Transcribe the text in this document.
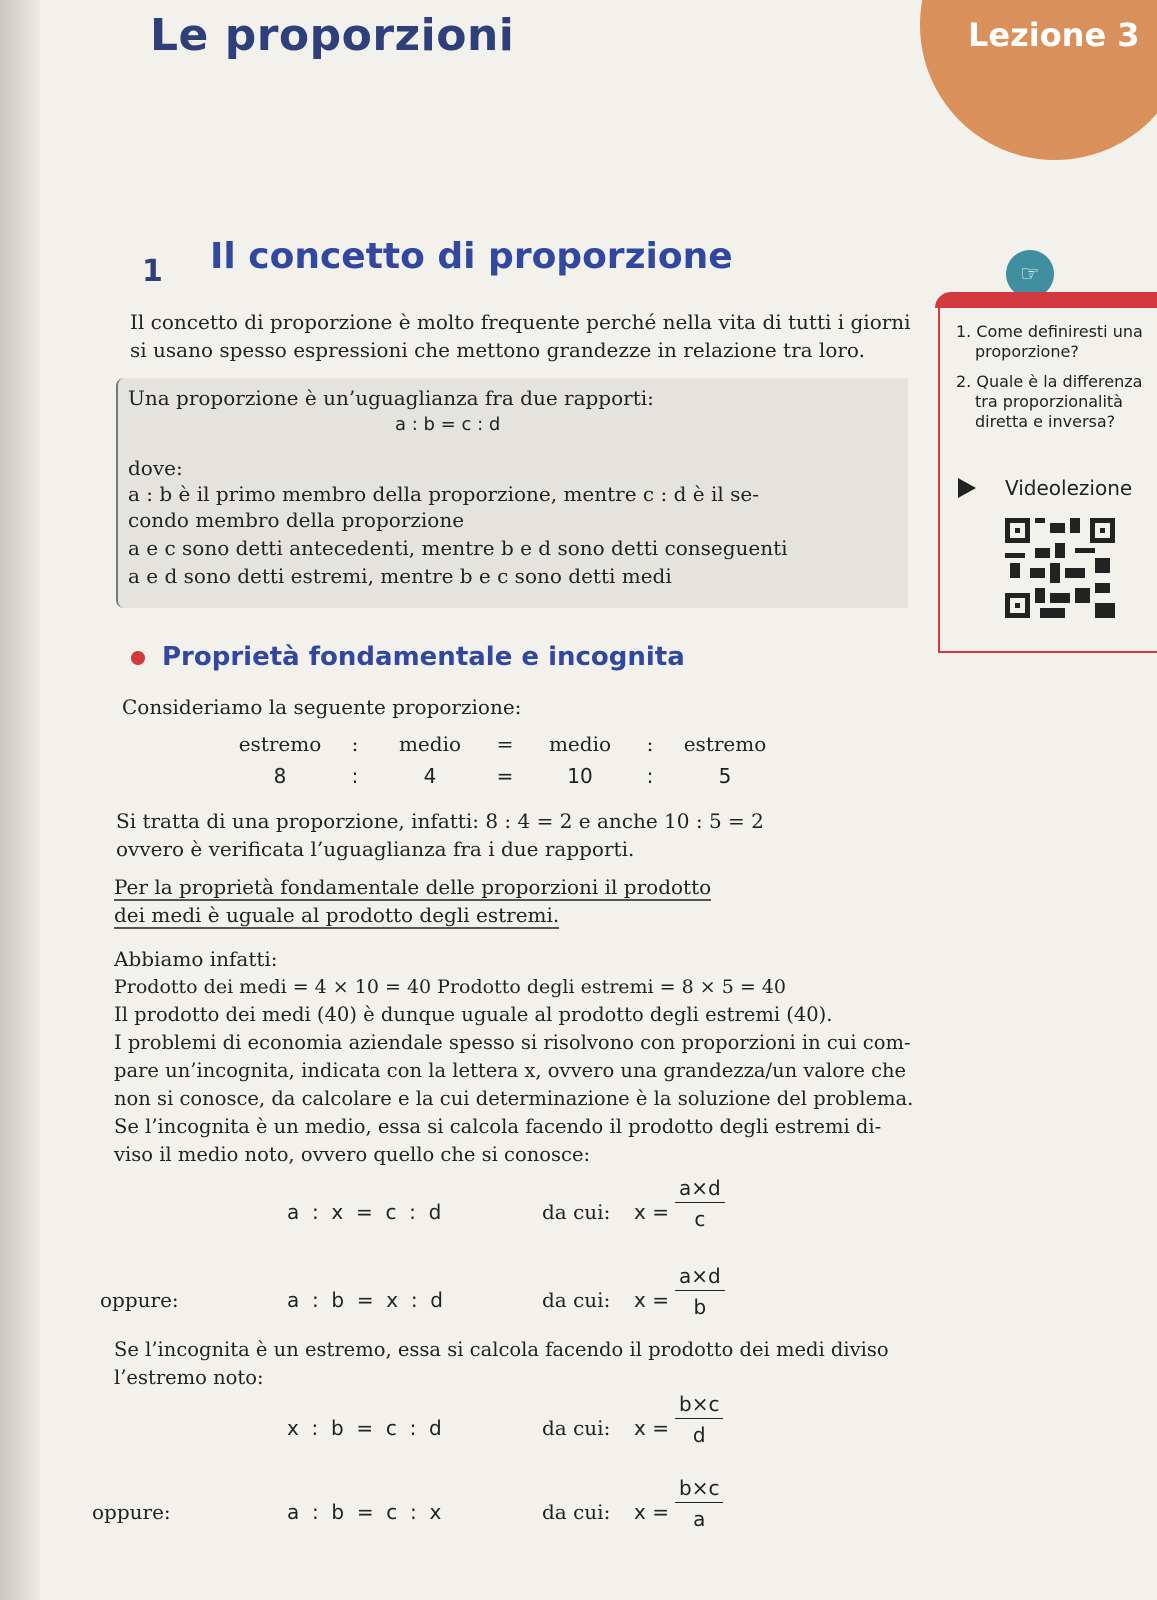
Le proporzioni	Lezione 3
1 Il concetto di proporzione
Il concetto di proporzione è molto frequente perché nella vita di tutti i giorni
si usano spesso espressioni che mettono grandezze in relazione tra loro.
☞
1. Come definiresti una
proporzione?
2. Quale è la differenza
tra proporzionalità
diretta e inversa?
Videolezione
Una proporzione è un’uguaglianza fra due rapporti:
a : b = c : d
dove:
a : b è il primo membro della proporzione, mentre c : d è il se-
condo membro della proporzione
a e c sono detti antecedenti, mentre b e d sono detti conseguenti
a e d sono detti estremi, mentre b e c sono detti medi
Proprietà fondamentale e incognita
Consideriamo la seguente proporzione:
estremo	:	medio	=	medio	:	estremo
8	:	4	=	10	:	5
Si tratta di una proporzione, infatti: 8 : 4 = 2 e anche 10 : 5 = 2
ovvero è verificata l’uguaglianza fra i due rapporti.
Per la proprietà fondamentale delle proporzioni il prodotto
dei medi è uguale al prodotto degli estremi.
Abbiamo infatti:
Prodotto dei medi = 4 × 10 = 40 Prodotto degli estremi = 8 × 5 = 40
Il prodotto dei medi (40) è dunque uguale al prodotto degli estremi (40).
I problemi di economia aziendale spesso si risolvono con proporzioni in cui com-
pare un’incognita, indicata con la lettera x, ovvero una grandezza/un valore che
non si conosce, da calcolare e la cui determinazione è la soluzione del problema.
Se l’incognita è un medio, essa si calcola facendo il prodotto degli estremi di-
viso il medio noto, ovvero quello che si conosce:
a  :  x  =  c  :  d	da cui: $x = \frac{a\times d}{c}$
oppure:	a  :  b  =  x  :  d	da cui: $x = \frac{a\times d}{b}$
Se l’incognita è un estremo, essa si calcola facendo il prodotto dei medi diviso
l’estremo noto:
x  :  b  =  c  :  d	da cui: $x = \frac{b\times c}{d}$
oppure:	a  :  b  =  c  :  x	da cui: $x = \frac{b\times c}{a}$
